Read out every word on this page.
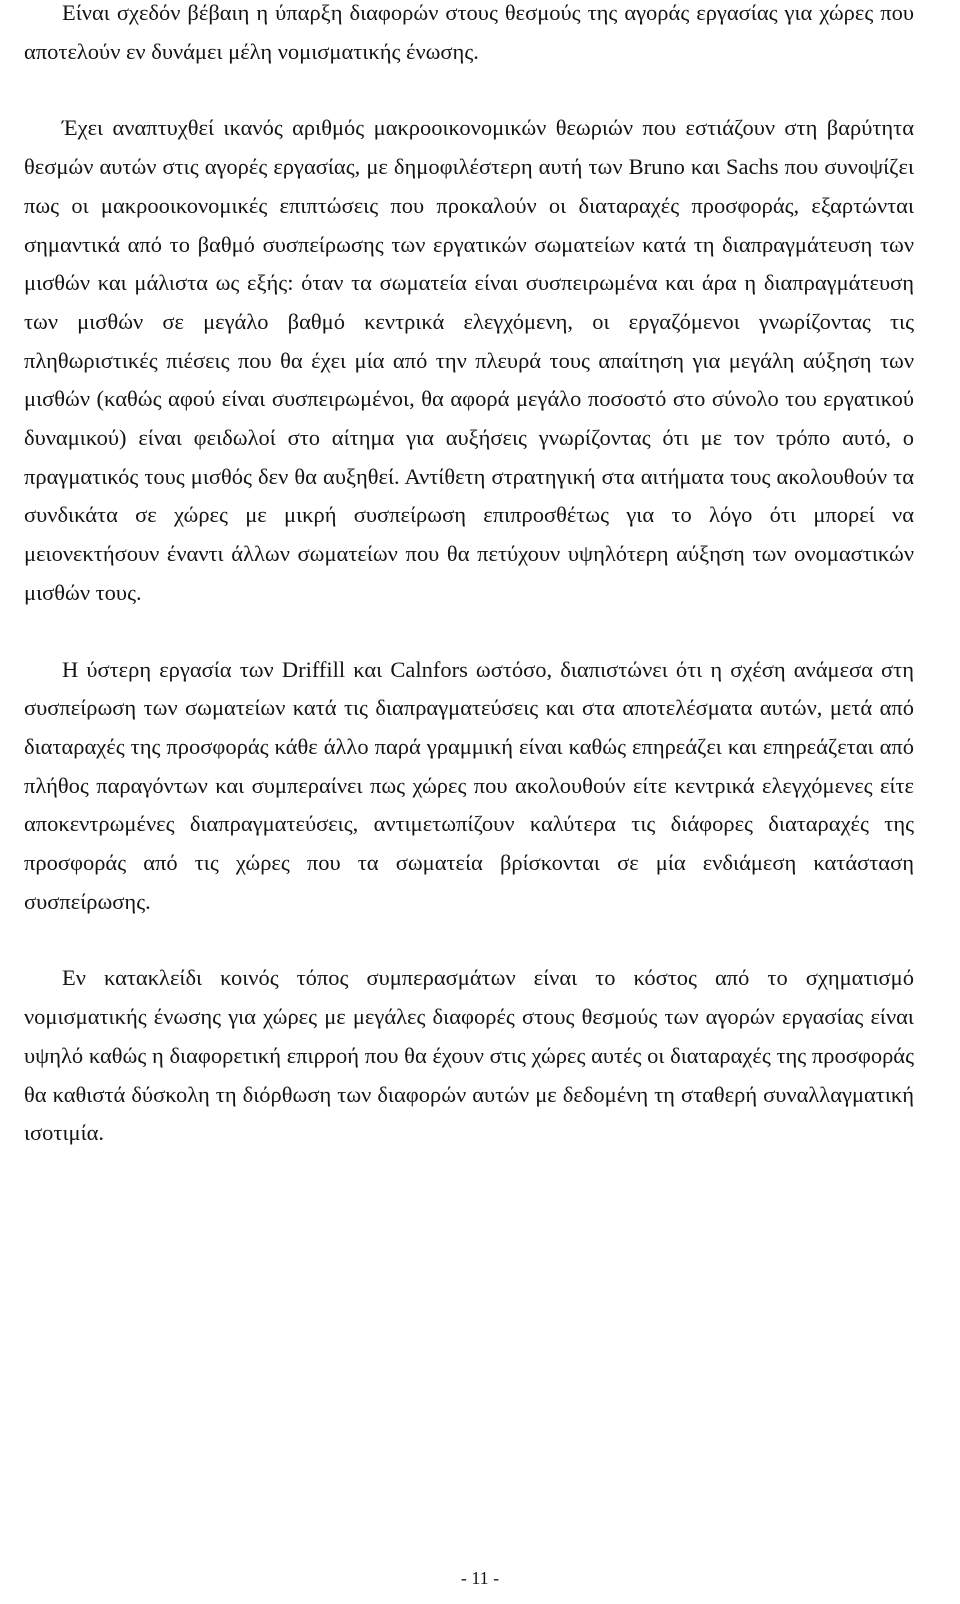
Είναι σχεδόν βέβαιη η ύπαρξη διαφορών στους θεσμούς της αγοράς εργασίας για χώρες που αποτελούν εν δυνάμει μέλη νομισματικής ένωσης.

Έχει αναπτυχθεί ικανός αριθμός μακροοικονομικών θεωριών που εστιάζουν στη βαρύτητα θεσμών αυτών στις αγορές εργασίας, με δημοφιλέστερη αυτή των Bruno και Sachs που συνοψίζει πως οι μακροοικονομικές επιπτώσεις που προκαλούν οι διαταραχές προσφοράς, εξαρτώνται σημαντικά από το βαθμό συσπείρωσης των εργατικών σωματείων κατά τη διαπραγμάτευση των μισθών και μάλιστα ως εξής: όταν τα σωματεία είναι συσπειρωμένα και άρα η διαπραγμάτευση των μισθών σε μεγάλο βαθμό κεντρικά ελεγχόμενη, οι εργαζόμενοι γνωρίζοντας τις πληθωριστικές πιέσεις που θα έχει μία από την πλευρά τους απαίτηση για μεγάλη αύξηση των μισθών (καθώς αφού είναι συσπειρωμένοι, θα αφορά μεγάλο ποσοστό στο σύνολο του εργατικού δυναμικού) είναι φειδωλοί στο αίτημα για αυξήσεις γνωρίζοντας ότι με τον τρόπο αυτό, ο πραγματικός τους μισθός δεν θα αυξηθεί. Αντίθετη στρατηγική στα αιτήματα τους ακολουθούν τα συνδικάτα σε χώρες με μικρή συσπείρωση επιπροσθέτως για το λόγο ότι μπορεί να μειονεκτήσουν έναντι άλλων σωματείων που θα πετύχουν υψηλότερη αύξηση των ονομαστικών μισθών τους.

Η ύστερη εργασία των Driffill και Calnfors ωστόσο, διαπιστώνει ότι η σχέση ανάμεσα στη συσπείρωση των σωματείων κατά τις διαπραγματεύσεις και στα αποτελέσματα αυτών, μετά από διαταραχές της προσφοράς κάθε άλλο παρά γραμμική είναι καθώς επηρεάζει και επηρεάζεται από πλήθος παραγόντων και συμπεραίνει πως χώρες που ακολουθούν είτε κεντρικά ελεγχόμενες είτε αποκεντρωμένες διαπραγματεύσεις, αντιμετωπίζουν καλύτερα τις διάφορες διαταραχές της προσφοράς από τις χώρες που τα σωματεία βρίσκονται σε μία ενδιάμεση κατάσταση συσπείρωσης.

Εν κατακλείδι κοινός τόπος συμπερασμάτων είναι το κόστος από το σχηματισμό νομισματικής ένωσης για χώρες με μεγάλες διαφορές στους θεσμούς των αγορών εργασίας είναι υψηλό καθώς η διαφορετική επιρροή που θα έχουν στις χώρες αυτές οι διαταραχές της προσφοράς θα καθιστά δύσκολη τη διόρθωση των διαφορών αυτών με δεδομένη τη σταθερή συναλλαγματική ισοτιμία.

- 11 -
